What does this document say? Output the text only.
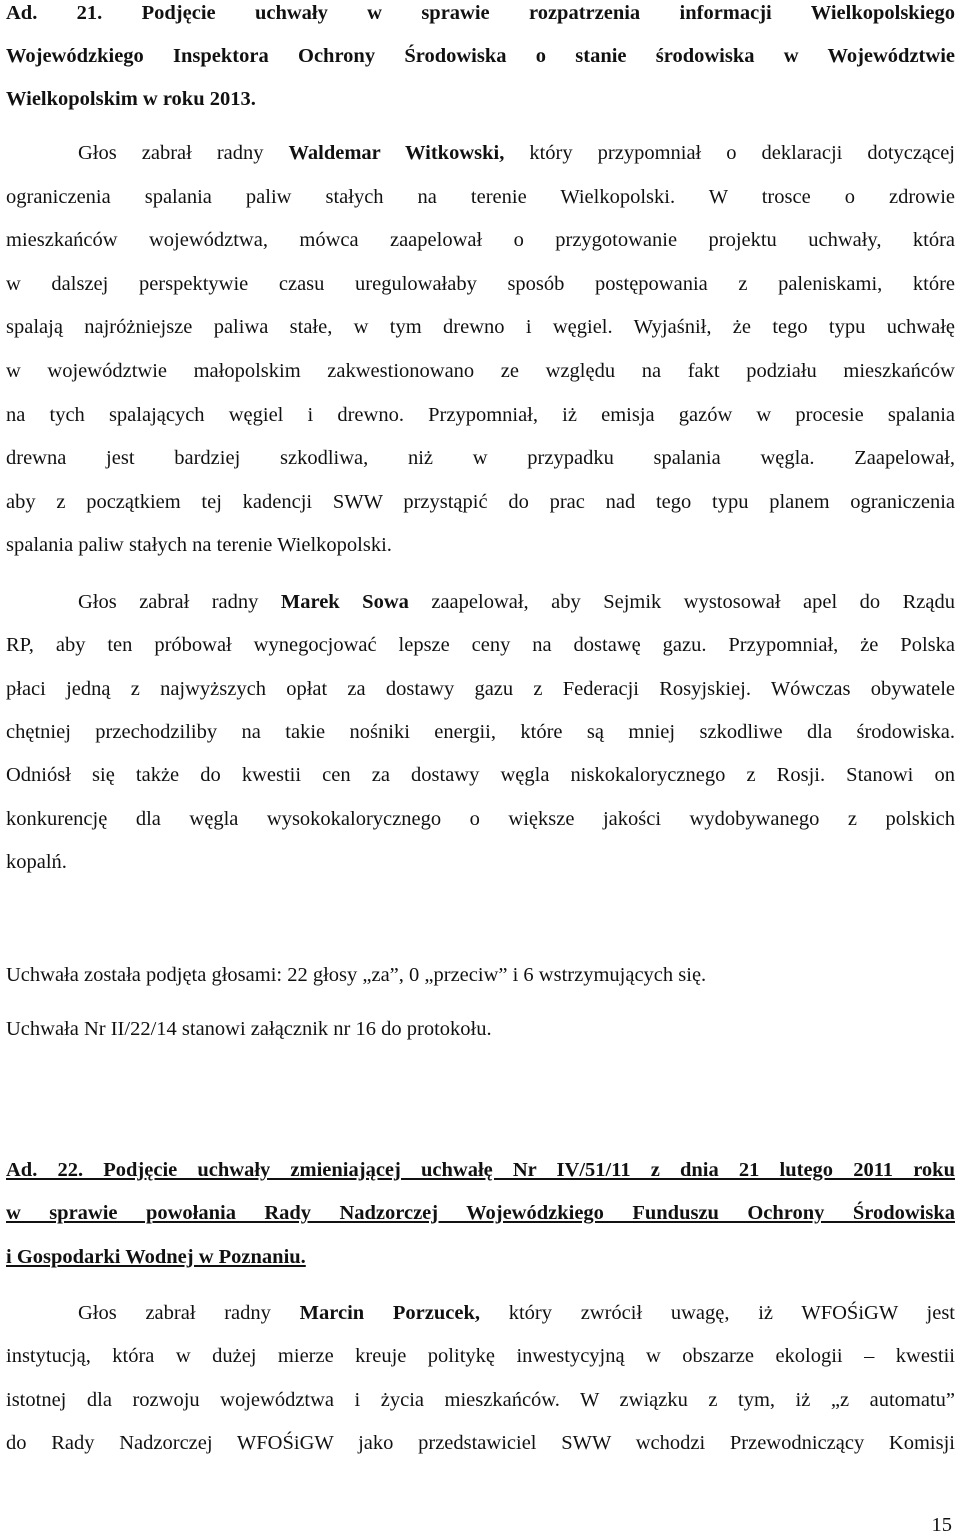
Ad. 21. Podjęcie uchwały w sprawie rozpatrzenia informacji Wielkopolskiego
Wojewódzkiego Inspektora Ochrony Środowiska o stanie środowiska w Województwie
Wielkopolskim w roku 2013.
Głos zabrał radny Waldemar Witkowski, który przypomniał o deklaracji dotyczącej
ograniczenia spalania paliw stałych na terenie Wielkopolski. W trosce o zdrowie
mieszkańców województwa, mówca zaapelował o przygotowanie projektu uchwały, która
w dalszej perspektywie czasu uregulowałaby sposób postępowania z paleniskami, które
spalają najróżniejsze paliwa stałe, w tym drewno i węgiel. Wyjaśnił, że tego typu uchwałę
w województwie małopolskim zakwestionowano ze względu na fakt podziału mieszkańców
na tych spalających węgiel i drewno. Przypomniał, iż emisja gazów w procesie spalania
drewna jest bardziej szkodliwa, niż w przypadku spalania węgla. Zaapelował,
aby z początkiem tej kadencji SWW przystąpić do prac nad tego typu planem ograniczenia
spalania paliw stałych na terenie Wielkopolski.
Głos zabrał radny Marek Sowa zaapelował, aby Sejmik wystosował apel do Rządu
RP, aby ten próbował wynegocjować lepsze ceny na dostawę gazu. Przypomniał, że Polska
płaci jedną z najwyższych opłat za dostawy gazu z Federacji Rosyjskiej. Wówczas obywatele
chętniej przechodziliby na takie nośniki energii, które są mniej szkodliwe dla środowiska.
Odniósł się także do kwestii cen za dostawy węgla niskokalorycznego z Rosji. Stanowi on
konkurencję dla węgla wysokokalorycznego o większe jakości wydobywanego z polskich
kopalń.
Uchwała została podjęta głosami: 22 głosy „za”, 0 „przeciw” i 6 wstrzymujących się.
Uchwała Nr II/22/14 stanowi załącznik nr 16 do protokołu.
Ad. 22. Podjęcie uchwały zmieniającej uchwałę Nr IV/51/11 z dnia 21 lutego 2011 roku
w sprawie powołania Rady Nadzorczej Wojewódzkiego Funduszu Ochrony Środowiska
i Gospodarki Wodnej w Poznaniu.
Głos zabrał radny Marcin Porzucek, który zwrócił uwagę, iż WFOŚiGW jest
instytucją, która w dużej mierze kreuje politykę inwestycyjną w obszarze ekologii – kwestii
istotnej dla rozwoju województwa i życia mieszkańców. W związku z tym, iż „z automatu”
do Rady Nadzorczej WFOŚiGW jako przedstawiciel SWW wchodzi Przewodniczący Komisji
15
